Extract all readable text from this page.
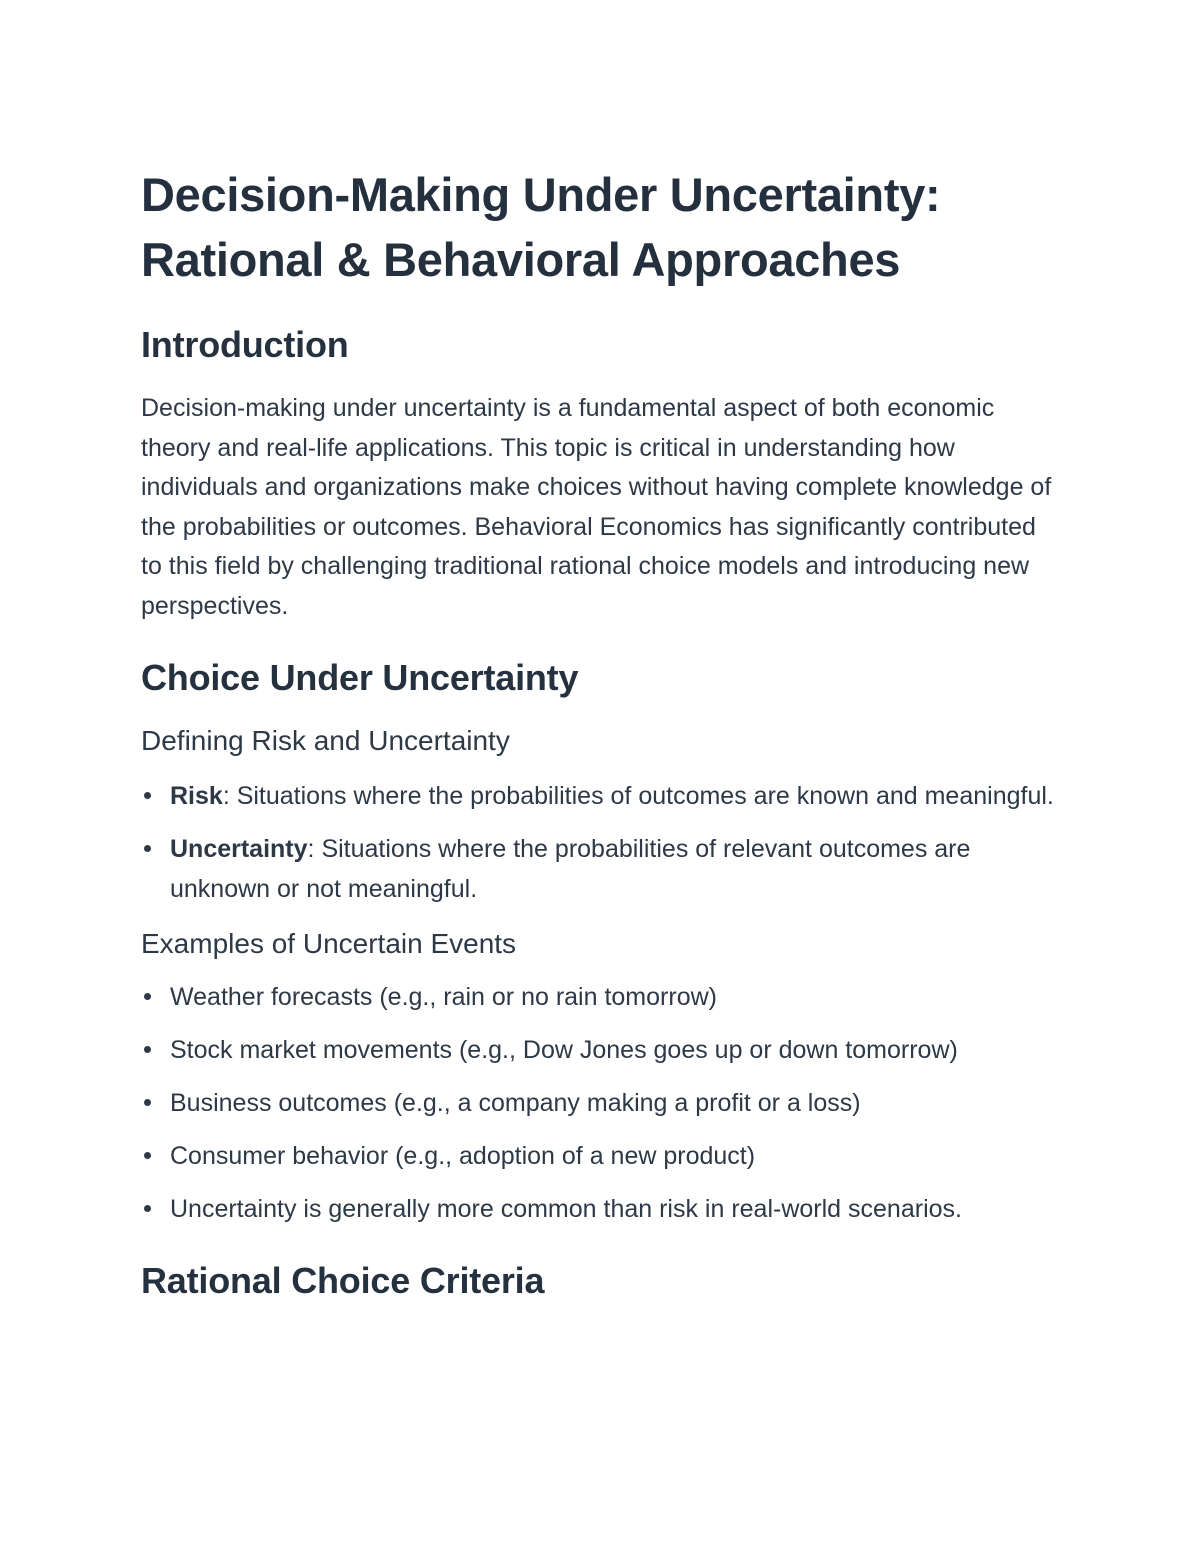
Decision-Making Under Uncertainty:
Rational & Behavioral Approaches
Introduction

Decision-making under uncertainty is a fundamental aspect of both economic theory and real-life applications. This topic is critical in understanding how individuals and organizations make choices without having complete knowledge of the probabilities or outcomes. Behavioral Economics has significantly contributed to this field by challenging traditional rational choice models and introducing new perspectives.

Choice Under Uncertainty
Defining Risk and Uncertainty
Risk: Situations where the probabilities of outcomes are known and meaningful.
Uncertainty: Situations where the probabilities of relevant outcomes are unknown or not meaningful.
Examples of Uncertain Events
Weather forecasts (e.g., rain or no rain tomorrow)
Stock market movements (e.g., Dow Jones goes up or down tomorrow)
Business outcomes (e.g., a company making a profit or a loss)
Consumer behavior (e.g., adoption of a new product)
Uncertainty is generally more common than risk in real-world scenarios.
Rational Choice Criteria
